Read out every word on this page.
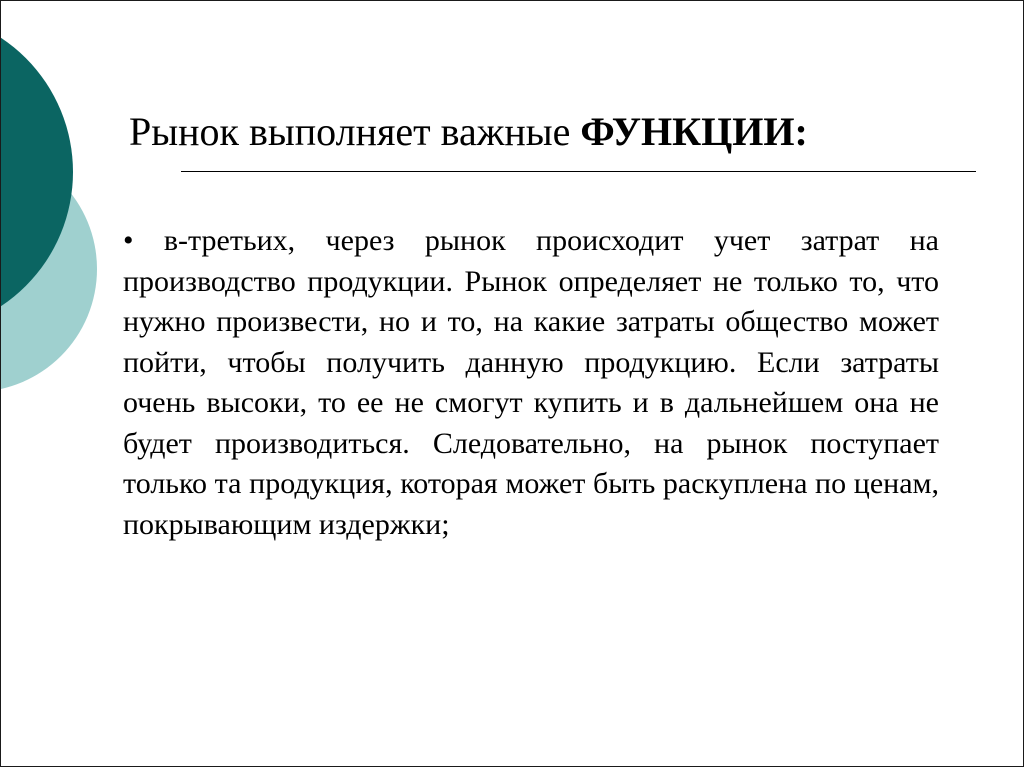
Рынок выполняет важные ФУНКЦИИ:

• в-третьих, через рынок происходит учет затрат на производство продукции. Рынок определяет не только то, что нужно произвести, но и то, на какие затраты общество может пойти, чтобы получить данную продукцию. Если затраты очень высоки, то ее не смогут купить и в дальнейшем она не будет производиться. Следовательно, на рынок поступает только та продукция, которая может быть раскуплена по ценам, покрывающим издержки;
